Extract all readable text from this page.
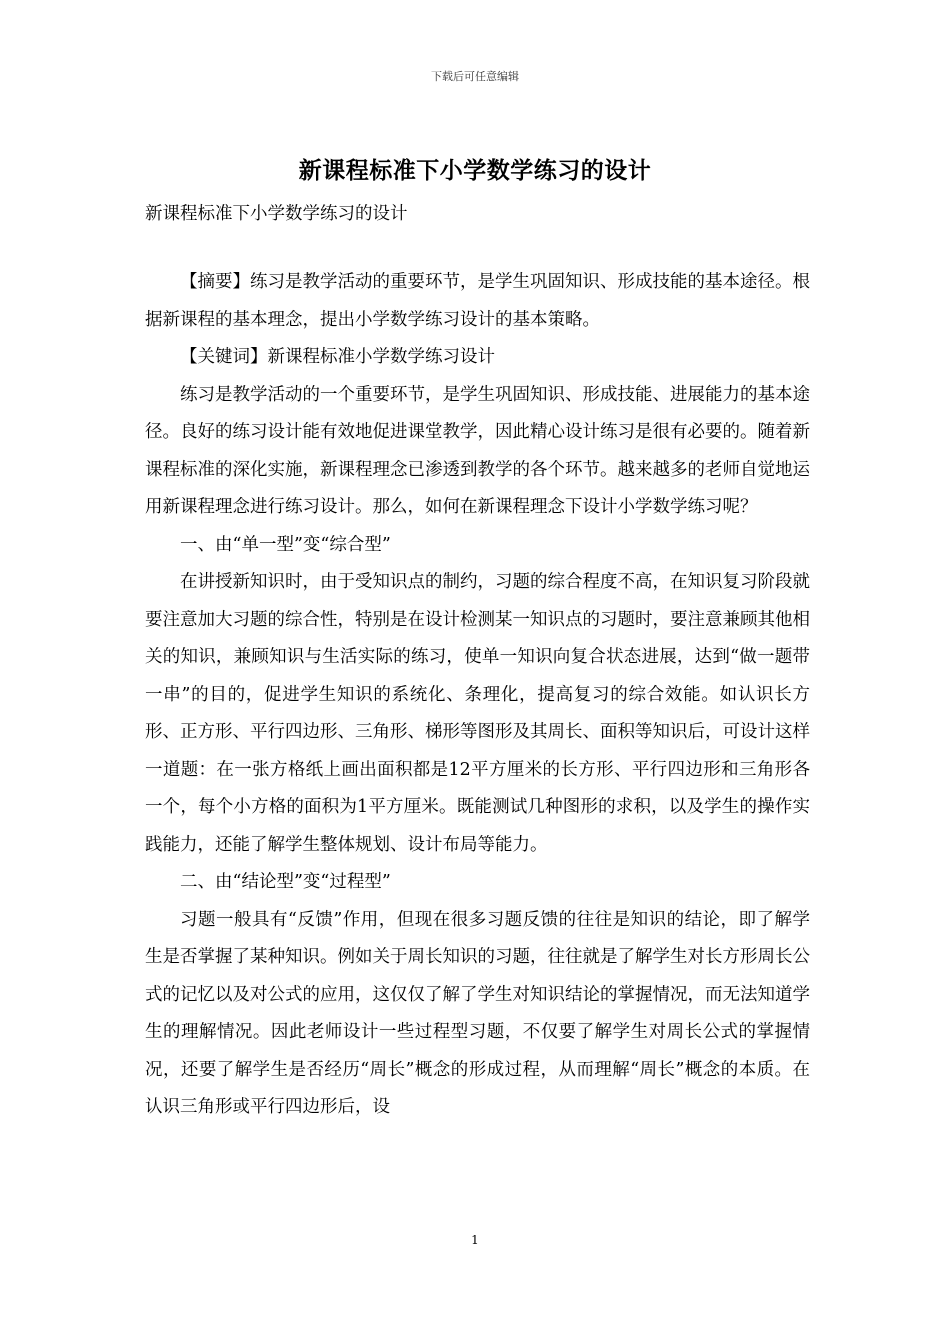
下载后可任意编辑
新课程标准下小学数学练习的设计
新课程标准下小学数学练习的设计

【摘要】练习是教学活动的重要环节，是学生巩固知识、形成技能的基本途径。根据新课程的基本理念，提出小学数学练习设计的基本策略。

【关键词】新课程标准小学数学练习设计

练习是教学活动的一个重要环节，是学生巩固知识、形成技能、进展能力的基本途径。良好的练习设计能有效地促进课堂教学，因此精心设计练习是很有必要的。随着新课程标准的深化实施，新课程理念已渗透到教学的各个环节。越来越多的老师自觉地运用新课程理念进行练习设计。那么，如何在新课程理念下设计小学数学练习呢？

一、由“单一型”变“综合型”

在讲授新知识时，由于受知识点的制约，习题的综合程度不高，在知识复习阶段就要注意加大习题的综合性，特别是在设计检测某一知识点的习题时，要注意兼顾其他相关的知识，兼顾知识与生活实际的练习，使单一知识向复合状态进展，达到“做一题带一串”的目的，促进学生知识的系统化、条理化，提高复习的综合效能。如认识长方形、正方形、平行四边形、三角形、梯形等图形及其周长、面积等知识后，可设计这样一道题：在一张方格纸上画出面积都是12平方厘米的长方形、平行四边形和三角形各一个，每个小方格的面积为1平方厘米。既能测试几种图形的求积，以及学生的操作实践能力，还能了解学生整体规划、设计布局等能力。

二、由“结论型”变“过程型”

习题一般具有“反馈”作用，但现在很多习题反馈的往往是知识的结论，即了解学生是否掌握了某种知识。例如关于周长知识的习题，往往就是了解学生对长方形周长公式的记忆以及对公式的应用，这仅仅了解了学生对知识结论的掌握情况，而无法知道学生的理解情况。因此老师设计一些过程型习题，不仅要了解学生对周长公式的掌握情况，还要了解学生是否经历“周长”概念的形成过程，从而理解“周长”概念的本质。在认识三角形或平行四边形后，设

1
